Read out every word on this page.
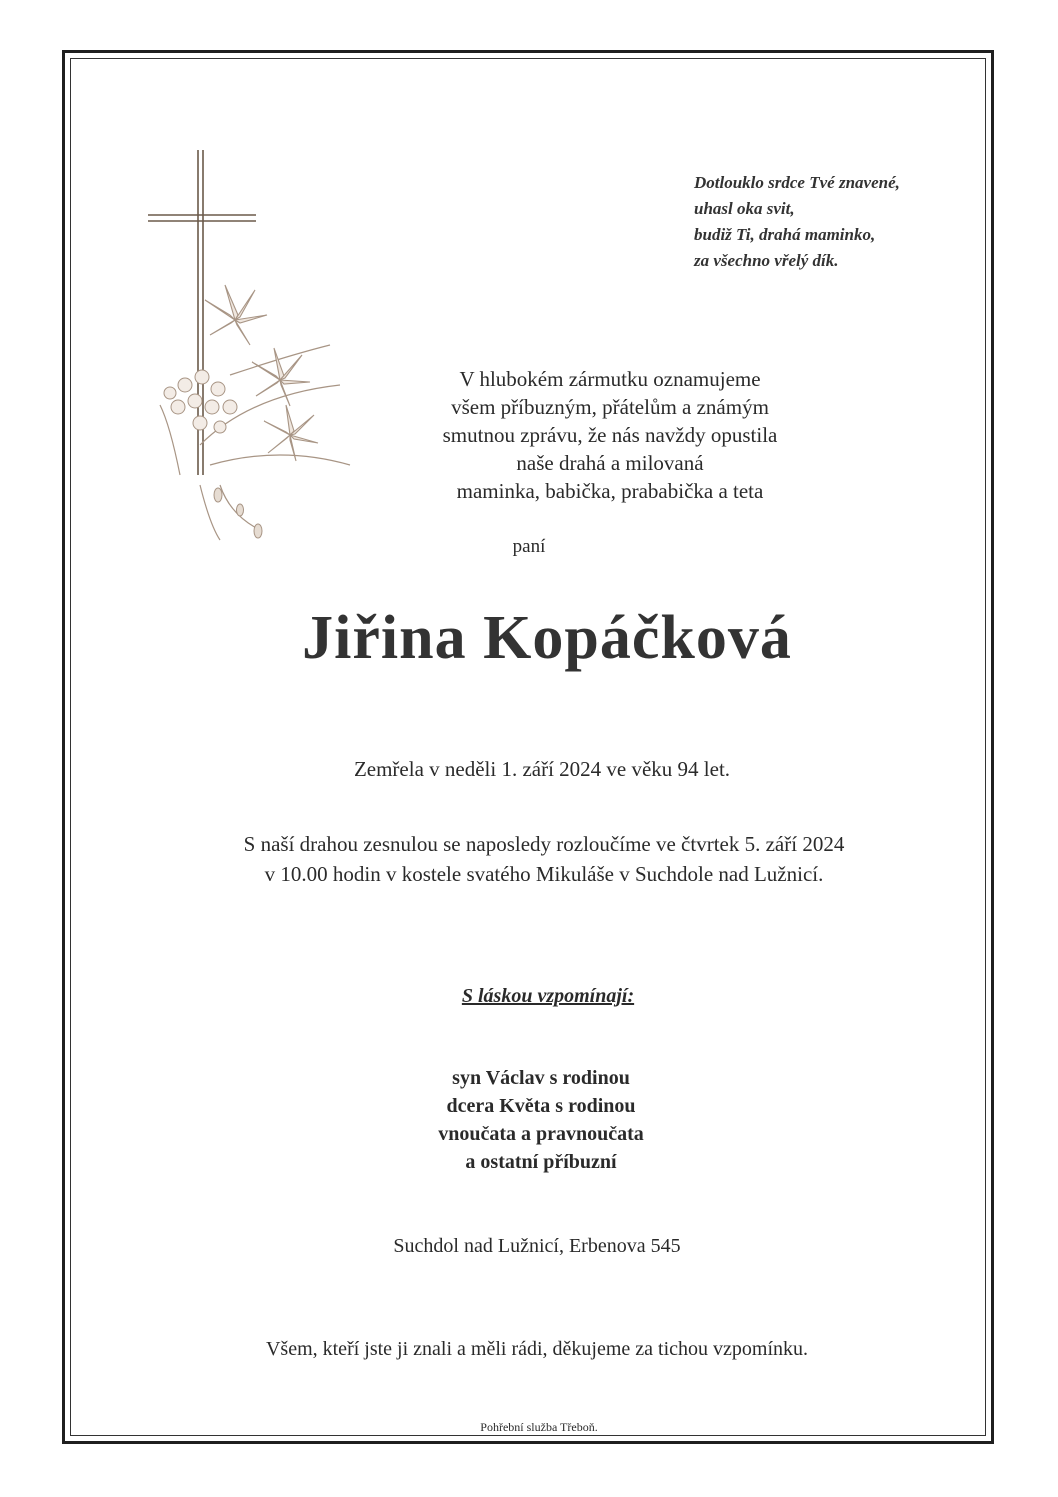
Dotlouklo srdce Tvé znavené,
uhasl oka svit,
budiž Ti, drahá maminko,
za všechno vřelý dík.
V hlubokém zármutku oznamujeme
všem příbuzným, přátelům a známým
smutnou zprávu, že nás navždy opustila
naše drahá a milovaná
maminka, babička, prababička a teta
paní
Jiřina Kopáčková
Zemřela v neděli 1. září 2024 ve věku 94 let.
S naší drahou zesnulou se naposledy rozloučíme ve čtvrtek 5. září 2024
v 10.00 hodin v kostele svatého Mikuláše v Suchdole nad Lužnicí.
S láskou vzpomínají:
syn Václav s rodinou
dcera Květa s rodinou
vnoučata a pravnoučata
a ostatní příbuzní
Suchdol nad Lužnicí, Erbenova 545
Všem, kteří jste ji znali a měli rádi, děkujeme za tichou vzpomínku.
Pohřební služba Třeboň.
